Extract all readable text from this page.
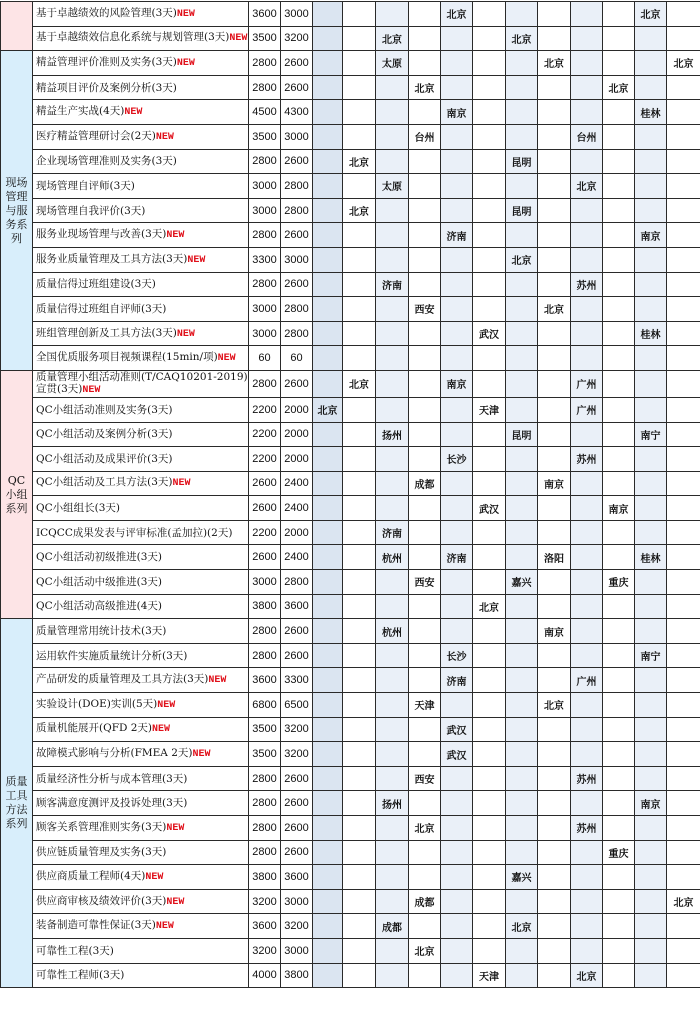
	基于卓越绩效的风险管理(3天)NEW	3600	3000					北京						北京	
	基于卓越绩效信息化系统与规划管理(3天)NEW	3500	3200			北京				北京					
现场管理与服务系列	精益管理评价准则及实务(3天)NEW	2800	2600			太原					北京				北京
	精益项目评价及案例分析(3天)	2800	2600				北京						北京		
	精益生产实战(4天)NEW	4500	4300					南京						桂林	
	医疗精益管理研讨会(2天)NEW	3500	3000				台州					台州			
	企业现场管理准则及实务(3天)	2800	2600		北京					昆明					
	现场管理自评师(3天)	3000	2800			太原						北京			
	现场管理自我评价(3天)	3000	2800		北京					昆明					
	服务业现场管理与改善(3天)NEW	2800	2600					济南						南京	
	服务业质量管理及工具方法(3天)NEW	3300	3000							北京					
	质量信得过班组建设(3天)	2800	2600			济南						苏州			
	质量信得过班组自评师(3天)	3000	2800				西安				北京				
	班组管理创新及工具方法(3天)NEW	3000	2800						武汉					桂林	
	全国优质服务项目视频课程(15min/项)NEW	60	60												
QC小组系列	质量管理小组活动准则(T/CAQ10201-2019)宣贯(3天)NEW	2800	2600		北京			南京				广州			
	QC小组活动准则及实务(3天)	2200	2000	北京					天津			广州			
	QC小组活动及案例分析(3天)	2200	2000			扬州				昆明				南宁	
	QC小组活动及成果评价(3天)	2200	2000					长沙				苏州			
	QC小组活动及工具方法(3天)NEW	2600	2400				成都				南京				
	QC小组组长(3天)	2600	2400						武汉				南京		
	ICQCC成果发表与评审标准(孟加拉)(2天)	2200	2000			济南									
	QC小组活动初级推进(3天)	2600	2400			杭州		济南			洛阳			桂林	
	QC小组活动中级推进(3天)	3000	2800				西安			嘉兴			重庆		
	QC小组活动高级推进(4天)	3800	3600						北京						
质量工具方法系列	质量管理常用统计技术(3天)	2800	2600			杭州					南京				
	运用软件实施质量统计分析(3天)	2800	2600					长沙						南宁	
	产品研发的质量管理及工具方法(3天)NEW	3600	3300					济南				广州			
	实验设计(DOE)实训(5天)NEW	6800	6500				天津				北京				
	质量机能展开(QFD 2天)NEW	3500	3200					武汉							
	故障模式影响与分析(FMEA 2天)NEW	3500	3200					武汉							
	质量经济性分析与成本管理(3天)	2800	2600				西安					苏州			
	顾客满意度测评及投诉处理(3天)	2800	2600			扬州								南京	
	顾客关系管理准则实务(3天)NEW	2800	2600				北京					苏州			
	供应链质量管理及实务(3天)	2800	2600										重庆		
	供应商质量工程师(4天)NEW	3800	3600							嘉兴					
	供应商审核及绩效评价(3天)NEW	3200	3000				成都								北京
	装备制造可靠性保证(3天)NEW	3600	3200			成都				北京					
	可靠性工程(3天)	3200	3000				北京								
	可靠性工程师(3天)	4000	3800						天津			北京			
